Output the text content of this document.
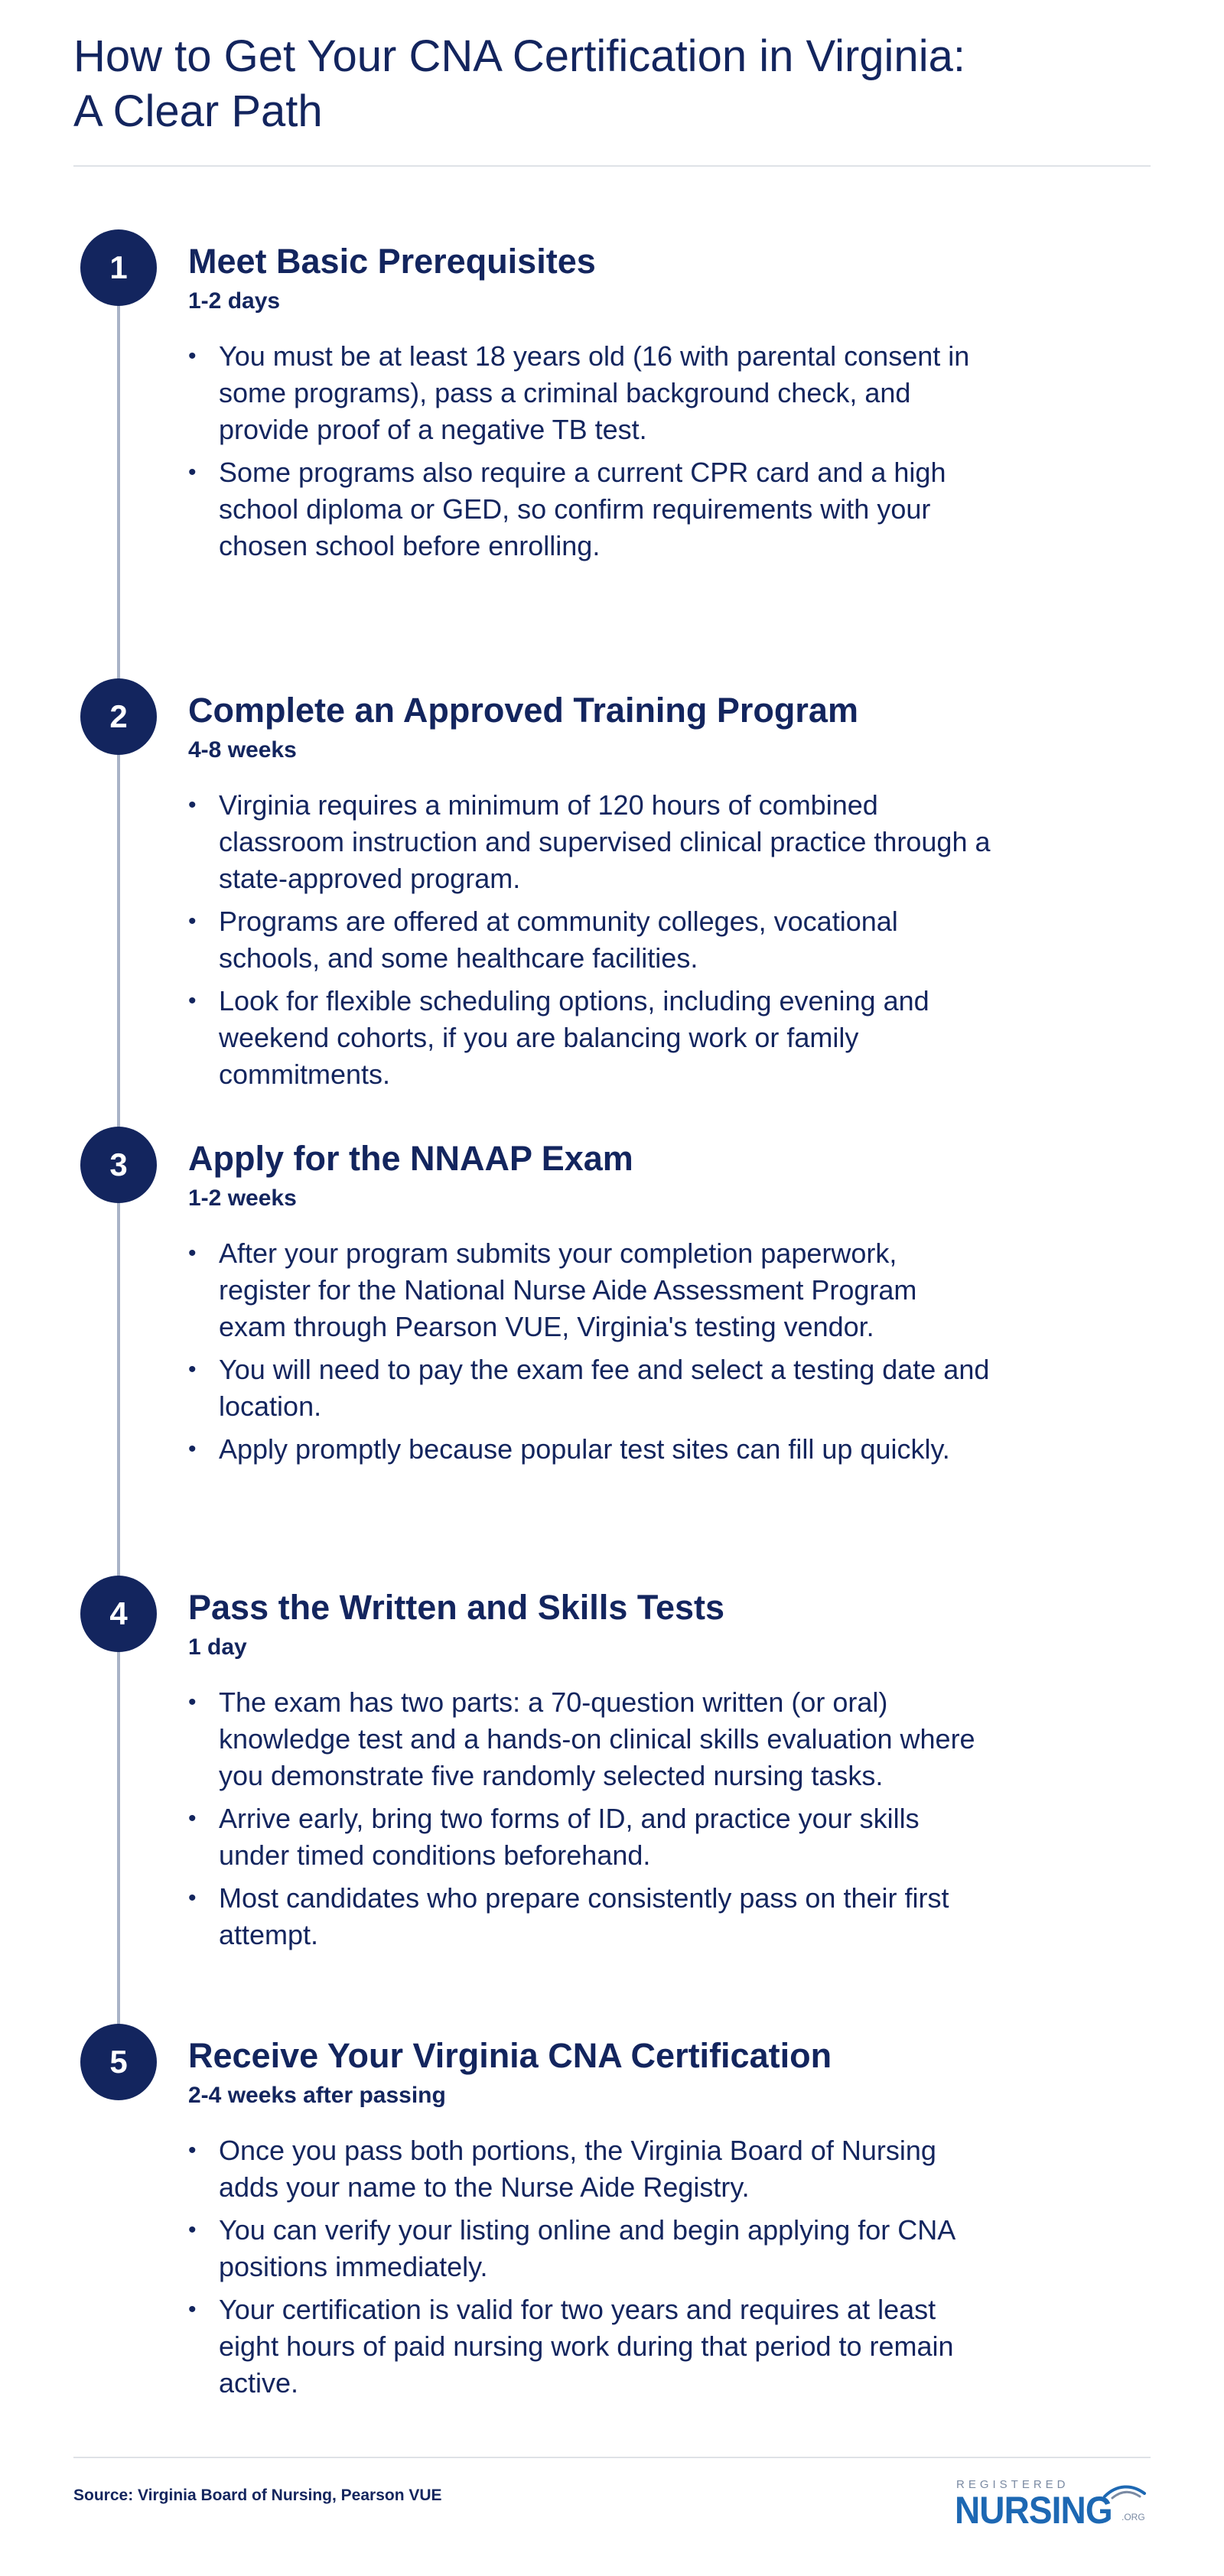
How to Get Your CNA Certification in Virginia:
A Clear Path
1	Meet Basic Prerequisites

1-2 days

• You must be at least 18 years old (16 with parental consent in some programs), pass a criminal background check, and provide proof of a negative TB test.
• Some programs also require a current CPR card and a high school diploma or GED, so confirm requirements with your chosen school before enrolling.
2	Complete an Approved Training Program

4-8 weeks

• Virginia requires a minimum of 120 hours of combined classroom instruction and supervised clinical practice through a state-approved program.
• Programs are offered at community colleges, vocational schools, and some healthcare facilities.
• Look for flexible scheduling options, including evening and weekend cohorts, if you are balancing work or family commitments.
3	Apply for the NNAAP Exam

1-2 weeks

• After your program submits your completion paperwork, register for the National Nurse Aide Assessment Program exam through Pearson VUE, Virginia's testing vendor.
• You will need to pay the exam fee and select a testing date and location.
• Apply promptly because popular test sites can fill up quickly.
4	Pass the Written and Skills Tests

1 day

• The exam has two parts: a 70-question written (or oral) knowledge test and a hands-on clinical skills evaluation where you demonstrate five randomly selected nursing tasks.
• Arrive early, bring two forms of ID, and practice your skills under timed conditions beforehand.
• Most candidates who prepare consistently pass on their first attempt.
5	Receive Your Virginia CNA Certification

2-4 weeks after passing

• Once you pass both portions, the Virginia Board of Nursing adds your name to the Nurse Aide Registry.
• You can verify your listing online and begin applying for CNA positions immediately.
• Your certification is valid for two years and requires at least eight hours of paid nursing work during that period to remain active.
Source: Virginia Board of Nursing, Pearson VUE
REGISTERED
NURSING .ORG
